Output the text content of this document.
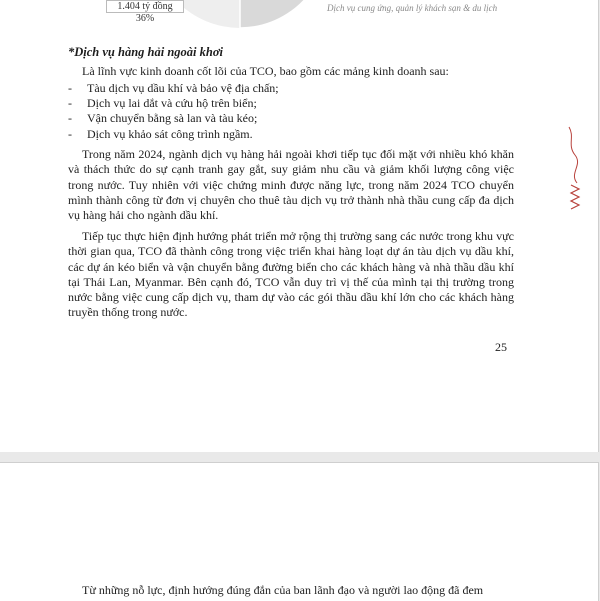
1.404 tỷ đồng
36%
Dịch vụ cung ứng, quản lý khách sạn & du lịch
*Dịch vụ hàng hải ngoài khơi
Là lĩnh vực kinh doanh cốt lõi của TCO, bao gồm các mảng kinh doanh sau:
- Tàu dịch vụ dầu khí và bảo vệ địa chấn;
- Dịch vụ lai dắt và cứu hộ trên biển;
- Vận chuyển bằng sà lan và tàu kéo;
- Dịch vụ khảo sát công trình ngầm.
Trong năm 2024, ngành dịch vụ hàng hải ngoài khơi tiếp tục đối mặt với nhiều khó khăn và thách thức do sự cạnh tranh gay gắt, suy giảm nhu cầu và giảm khối lượng công việc trong nước. Tuy nhiên với việc chứng minh được năng lực, trong năm 2024 TCO chuyển mình thành công từ đơn vị chuyên cho thuê tàu dịch vụ trở thành nhà thầu cung cấp đa dịch vụ hàng hải cho ngành dầu khí.
Tiếp tục thực hiện định hướng phát triển mở rộng thị trường sang các nước trong khu vực thời gian qua, TCO đã thành công trong việc triển khai hàng loạt dự án tàu dịch vụ dầu khí, các dự án kéo biển và vận chuyển bằng đường biển cho các khách hàng và nhà thầu dầu khí tại Thái Lan, Myanmar. Bên cạnh đó, TCO vẫn duy trì vị thế của mình tại thị trường trong nước bằng việc cung cấp dịch vụ, tham dự vào các gói thầu dầu khí lớn cho các khách hàng truyền thống trong nước.
25
Từ những nỗ lực, định hướng đúng đắn của ban lãnh đạo và người lao động đã đem
